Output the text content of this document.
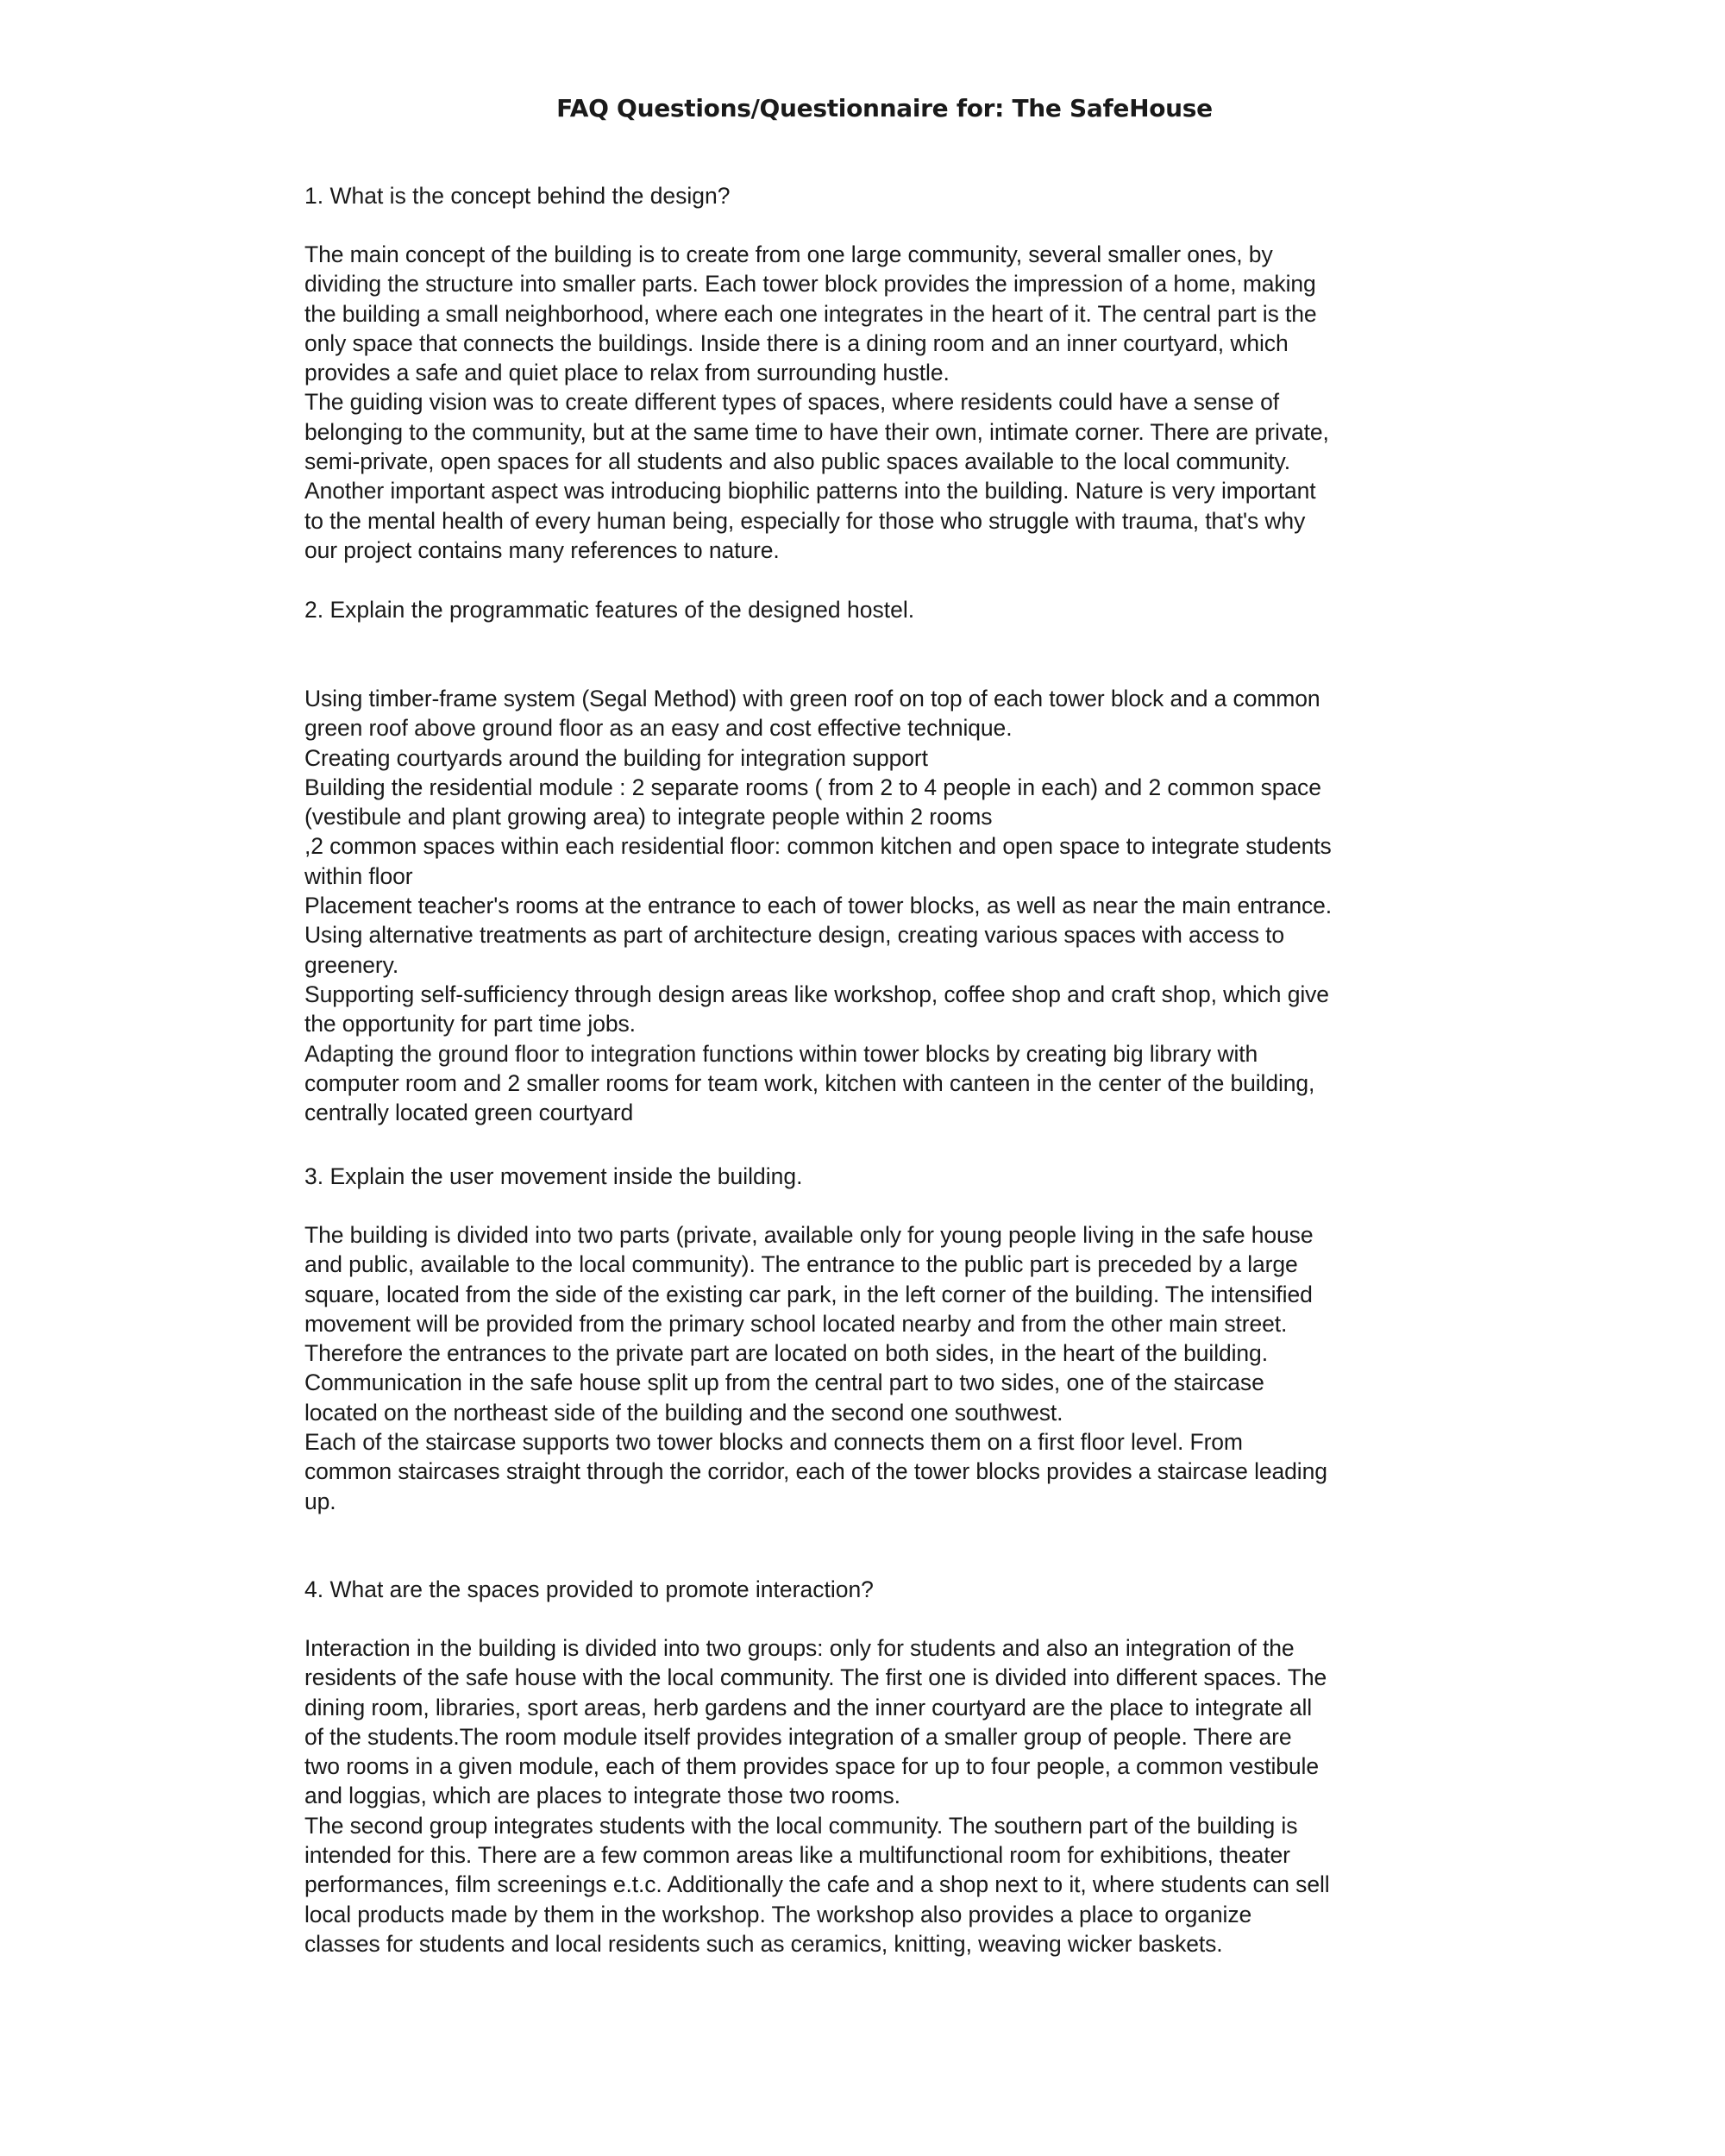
FAQ Questions/Questionnaire for: The SafeHouse
1. What is the concept behind the design?

The main concept of the building is to create from one large community, several smaller ones, by

dividing the structure into smaller parts. Each tower block provides the impression of a home, making

the building a small neighborhood, where each one integrates in the heart of it. The central part is the

only space that connects the buildings. Inside there is a dining room and an inner courtyard, which

provides a safe and quiet place to relax from surrounding hustle.

The guiding vision was to create different types of spaces, where residents could have a sense of

belonging to the community, but at the same time to have their own, intimate corner. There are private,

semi-private, open spaces for all students and also public spaces available to the local community.

Another important aspect was introducing biophilic patterns into the building. Nature is very important

to the mental health of every human being, especially for those who struggle with trauma, that's why

our project contains many references to nature.

2. Explain the programmatic features of the designed hostel.

Using timber-frame system (Segal Method) with green roof on top of each tower block and a common

green roof above ground floor as an easy and cost effective technique.

Creating courtyards around the building for integration support

Building the residential module : 2 separate rooms ( from 2 to 4 people in each) and 2 common space

(vestibule and plant growing area) to integrate people within 2 rooms

,2 common spaces within each residential floor: common kitchen and open space to integrate students

within floor

Placement teacher's rooms at the entrance to each of tower blocks, as well as near the main entrance.

Using alternative treatments as part of architecture design, creating various spaces with access to

greenery.

Supporting self-sufficiency through design areas like workshop, coffee shop and craft shop, which give

the opportunity for part time jobs.

Adapting the ground floor to integration functions within tower blocks by creating big library with

computer room and 2 smaller rooms for team work, kitchen with canteen in the center of the building,

centrally located green courtyard

3. Explain the user movement inside the building.

The building is divided into two parts (private, available only for young people living in the safe house

and public, available to the local community). The entrance to the public part is preceded by a large

square, located from the side of the existing car park, in the left corner of the building. The intensified

movement will be provided from the primary school located nearby and from the other main street.

Therefore the entrances to the private part are located on both sides, in the heart of the building.

Communication in the safe house split up from the central part to two sides, one of the staircase

located on the northeast side of the building and the second one southwest.

Each of the staircase supports two tower blocks and connects them on a first floor level. From

common staircases straight through the corridor, each of the tower blocks provides a staircase leading

up.

4. What are the spaces provided to promote interaction?

Interaction in the building is divided into two groups: only for students and also an integration of the

residents of the safe house with the local community. The first one is divided into different spaces. The

dining room, libraries, sport areas, herb gardens and the inner courtyard are the place to integrate all

of the students.The room module itself provides integration of a smaller group of people. There are

two rooms in a given module, each of them provides space for up to four people, a common vestibule

and loggias, which are places to integrate those two rooms.

The second group integrates students with the local community. The southern part of the building is

intended for this. There are a few common areas like a multifunctional room for exhibitions, theater

performances, film screenings e.t.c. Additionally the cafe and a shop next to it, where students can sell

local products made by them in the workshop. The workshop also provides a place to organize

classes for students and local residents such as ceramics, knitting, weaving wicker baskets.
